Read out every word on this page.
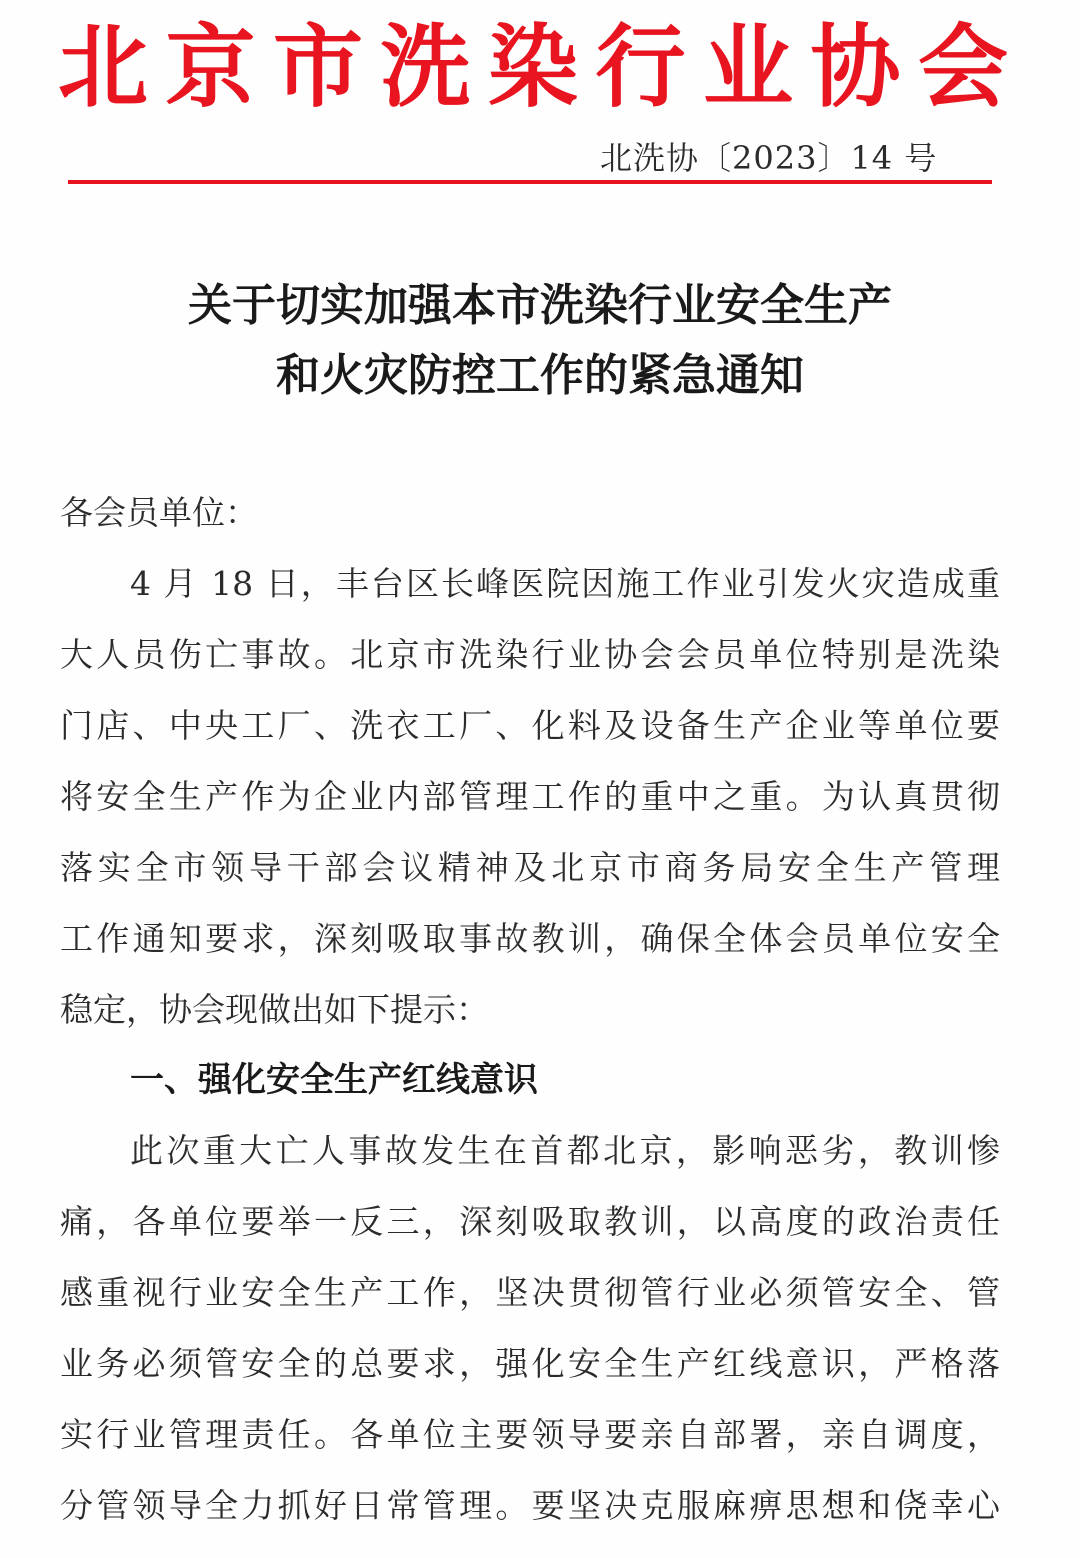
北 京 市 洗 染 行 业 协 会
北洗协〔2023〕14 号
关于切实加强本市洗染行业安全生产
和火灾防控工作的紧急通知
各会员单位：
4 月 18 日，丰台区长峰医院因施工作业引发火灾造成重
大人员伤亡事故。北京市洗染行业协会会员单位特别是洗染
门店、中央工厂、洗衣工厂、化料及设备生产企业等单位要
将安全生产作为企业内部管理工作的重中之重。为认真贯彻
落实全市领导干部会议精神及北京市商务局安全生产管理
工作通知要求，深刻吸取事故教训，确保全体会员单位安全
稳定，协会现做出如下提示：
一、强化安全生产红线意识
此次重大亡人事故发生在首都北京，影响恶劣，教训惨
痛，各单位要举一反三，深刻吸取教训，以高度的政治责任
感重视行业安全生产工作，坚决贯彻管行业必须管安全、管
业务必须管安全的总要求，强化安全生产红线意识，严格落
实行业管理责任。各单位主要领导要亲自部署，亲自调度，
分管领导全力抓好日常管理。要坚决克服麻痹思想和侥幸心
